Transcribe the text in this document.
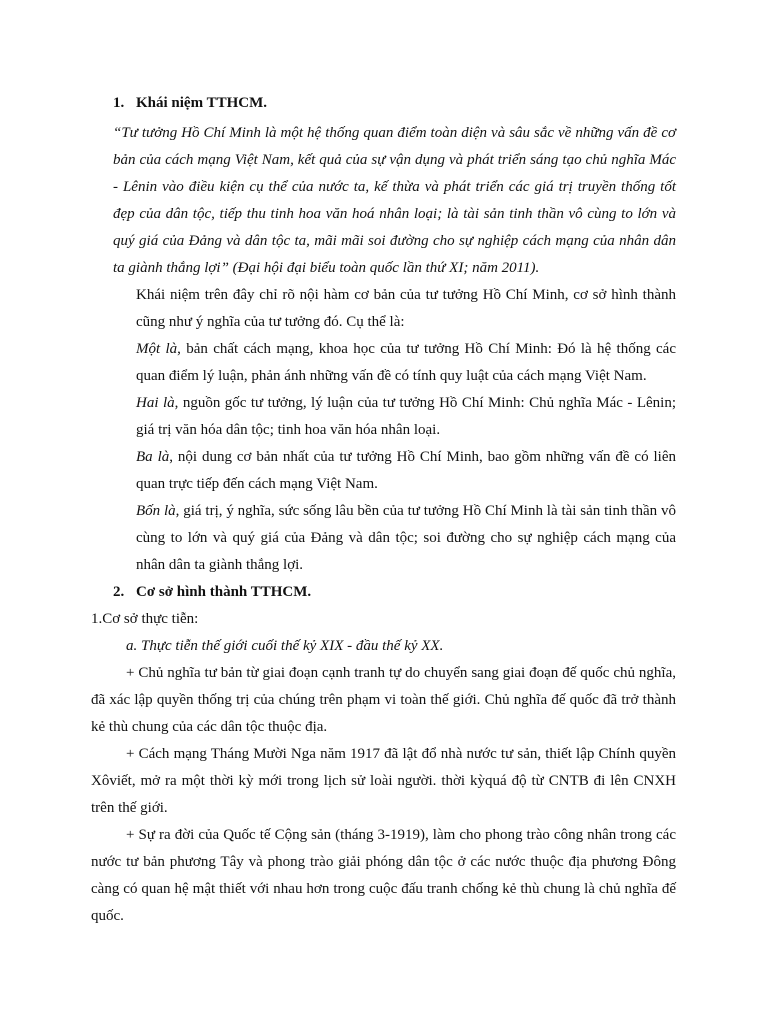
1. Khái niệm TTHCM.
“Tư tưởng Hồ Chí Minh là một hệ thống quan điểm toàn diện và sâu sắc về những vấn đề cơ
bản của cách mạng Việt Nam, kết quả của sự vận dụng và phát triển sáng tạo chủ nghĩa Mác
- Lênin vào điều kiện cụ thể của nước ta, kế thừa và phát triển các giá trị truyền thống tốt
đẹp của dân tộc, tiếp thu tinh hoa văn hoá nhân loại; là tài sản tinh thần vô cùng to lớn và
quý giá của Đảng và dân tộc ta, mãi mãi soi đường cho sự nghiệp cách mạng của nhân dân
ta giành thắng lợi” (Đại hội đại biểu toàn quốc lần thứ XI; năm 2011).
Khái niệm trên đây chỉ rõ nội hàm cơ bản của tư tưởng Hồ Chí Minh, cơ sở hình thành
cũng như ý nghĩa của tư tưởng đó. Cụ thể là:
Một là, bản chất cách mạng, khoa học của tư tưởng Hồ Chí Minh: Đó là hệ thống các
quan điểm lý luận, phản ánh những vấn đề có tính quy luật của cách mạng Việt Nam.
Hai là, nguồn gốc tư tưởng, lý luận của tư tưởng Hồ Chí Minh: Chủ nghĩa Mác - Lênin;
giá trị văn hóa dân tộc; tinh hoa văn hóa nhân loại.
Ba là, nội dung cơ bản nhất của tư tưởng Hồ Chí Minh, bao gồm những vấn đề có liên
quan trực tiếp đến cách mạng Việt Nam.
Bốn là, giá trị, ý nghĩa, sức sống lâu bền của tư tưởng Hồ Chí Minh là tài sản tinh thần vô
cùng to lớn và quý giá của Đảng và dân tộc; soi đường cho sự nghiệp cách mạng của
nhân dân ta giành thắng lợi.
2. Cơ sở hình thành TTHCM.
1.Cơ sở thực tiễn:
a. Thực tiễn thế giới cuối thế kỷ XIX - đầu thế kỷ XX.
+ Chủ nghĩa tư bản từ giai đoạn cạnh tranh tự do chuyển sang giai đoạn đế quốc chủ nghĩa,
đã xác lập quyền thống trị của chúng trên phạm vi toàn thế giới. Chủ nghĩa đế quốc đã trở thành
kẻ thù chung của các dân tộc thuộc địa.
+ Cách mạng Tháng Mười Nga năm 1917 đã lật đổ nhà nước tư sản, thiết lập Chính quyền
Xôviết, mở ra một thời kỳ mới trong lịch sử loài người. thời kỳquá độ từ CNTB đi lên CNXH
trên thế giới.
+ Sự ra đời của Quốc tế Cộng sản (tháng 3-1919), làm cho phong trào công nhân trong các
nước tư bản phương Tây và phong trào giải phóng dân tộc ở các nước thuộc địa phương Đông
càng có quan hệ mật thiết với nhau hơn trong cuộc đấu tranh chống kẻ thù chung là chủ nghĩa đế
quốc.
